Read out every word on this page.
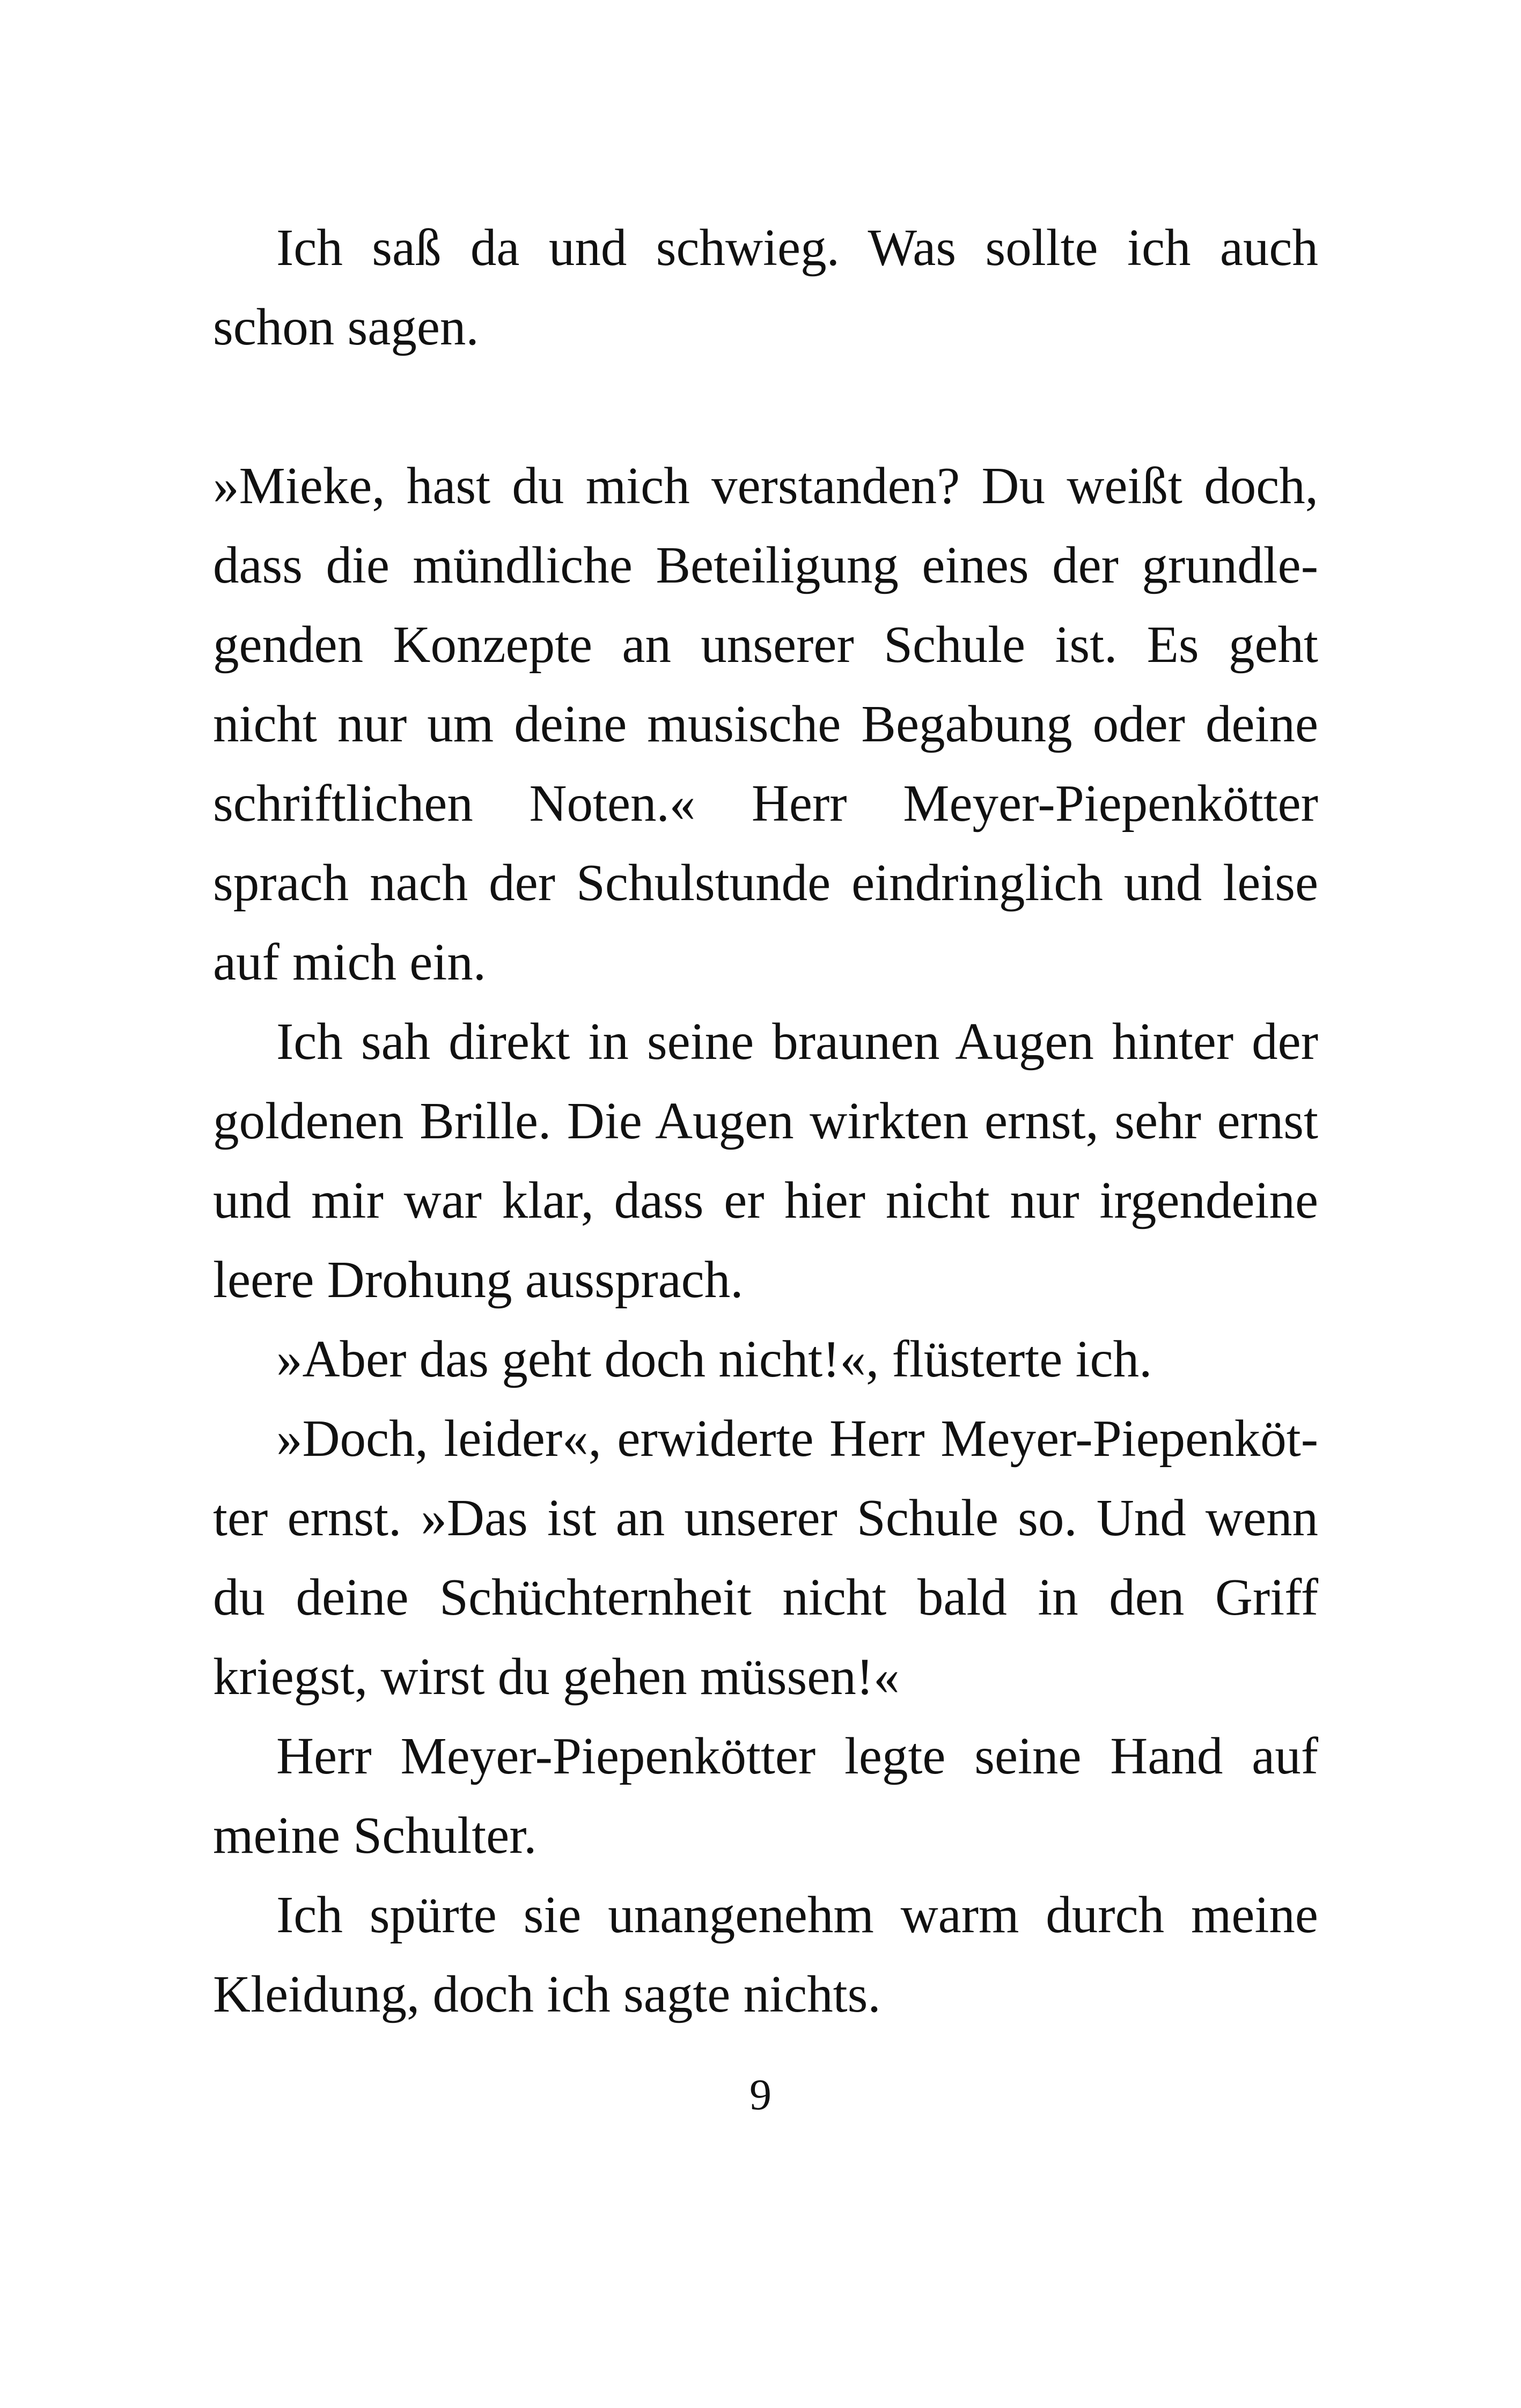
Ich saß da und schwieg. Was sollte ich auch schon sagen.

»Mieke, hast du mich verstanden? Du weißt doch, dass die mündliche Beteiligung eines der grundlegenden Konzepte an unserer Schule ist. Es geht nicht nur um deine musische Begabung oder deine schriftlichen Noten.« Herr Meyer-Piepenkötter sprach nach der Schulstunde eindringlich und leise auf mich ein.

Ich sah direkt in seine braunen Augen hinter der goldenen Brille. Die Augen wirkten ernst, sehr ernst und mir war klar, dass er hier nicht nur irgendeine leere Drohung aussprach.

»Aber das geht doch nicht!«, flüsterte ich.

»Doch, leider«, erwiderte Herr Meyer-Piepenkötter ernst. »Das ist an unserer Schule so. Und wenn du deine Schüchternheit nicht bald in den Griff kriegst, wirst du gehen müssen!«

Herr Meyer-Piepenkötter legte seine Hand auf meine Schulter.

Ich spürte sie unangenehm warm durch meine Kleidung, doch ich sagte nichts.

9
